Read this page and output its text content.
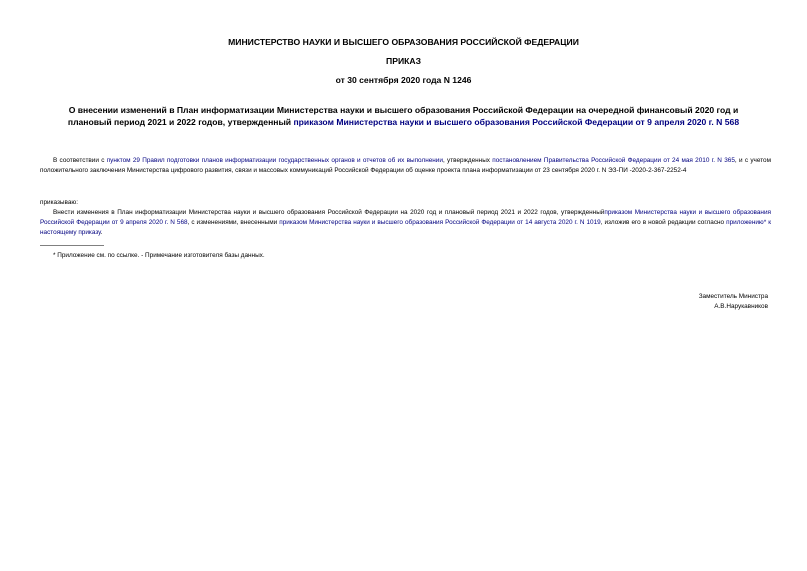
МИНИСТЕРСТВО НАУКИ И ВЫСШЕГО ОБРАЗОВАНИЯ РОССИЙСКОЙ ФЕДЕРАЦИИ
ПРИКАЗ
от 30 сентября 2020 года N 1246
О внесении изменений в План информатизации Министерства науки и высшего образования Российской Федерации на очередной финансовый 2020 год и плановый период 2021 и 2022 годов, утвержденный приказом Министерства науки и высшего образования Российской Федерации от 9 апреля 2020 г. N 568
В соответствии с пунктом 29 Правил подготовки планов информатизации государственных органов и отчетов об их выполнении, утвержденных постановлением Правительства Российской Федерации от 24 мая 2010 г. N 365, и с учетом положительного заключения Министерства цифрового развития, связи и массовых коммуникаций Российской Федерации об оценке проекта плана информатизации от 23 сентября 2020 г. N ЭЗ-ПИ -2020-2-367-2252-4
приказываю:
Внести изменения в План информатизации Министерства науки и высшего образования Российской Федерации на 2020 год и плановый период 2021 и 2022 годов, утвержденныйприказом Министерства науки и высшего образования Российской Федерации от 9 апреля 2020 г. N 568, с изменениями, внесенными приказом Министерства науки и высшего образования Российской Федерации от 14 августа 2020 г. N 1019, изложив его в новой редакции согласно приложению* к настоящему приказу.
* Приложение см. по ссылке. - Примечание изготовителя базы данных.
Заместитель Министра
А.В.Нарукавников
